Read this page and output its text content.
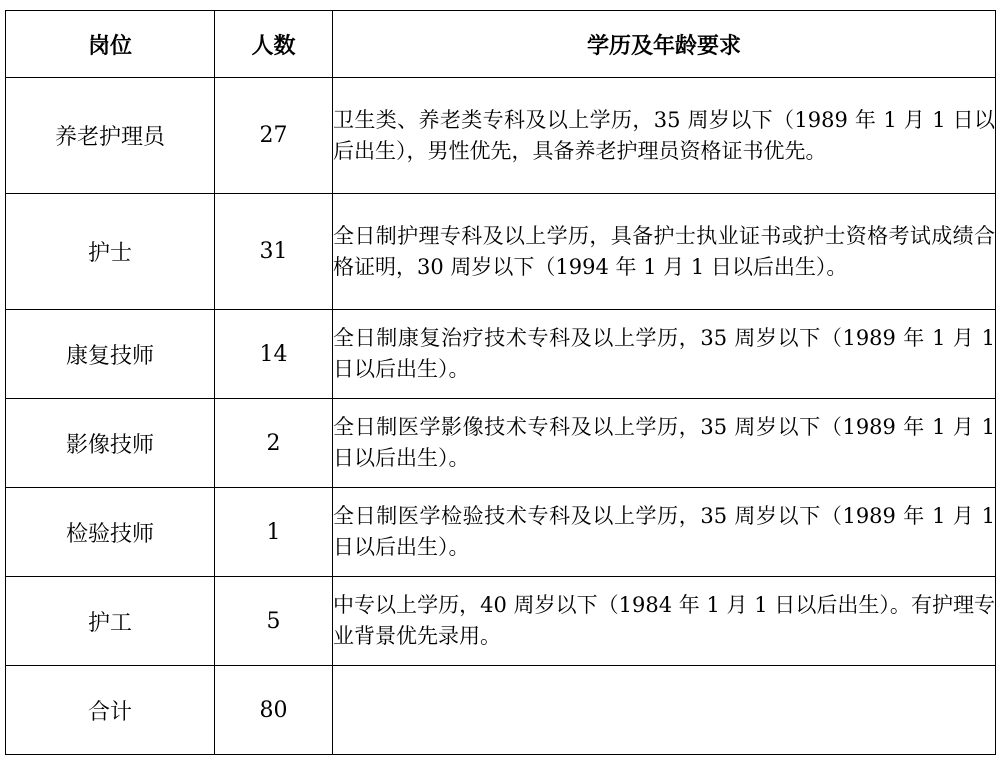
岗位	人数	学历及年龄要求
养老护理员	27	卫生类、养老类专科及以上学历，35 周岁以下（1989 年 1 月 1 日以后出生），男性优先，具备养老护理员资格证书优先。
护士	31	全日制护理专科及以上学历，具备护士执业证书或护士资格考试成绩合格证明，30 周岁以下（1994 年 1 月 1 日以后出生）。
康复技师	14	全日制康复治疗技术专科及以上学历，35 周岁以下（1989 年 1 月 1 日以后出生）。
影像技师	2	全日制医学影像技术专科及以上学历，35 周岁以下（1989 年 1 月 1 日以后出生）。
检验技师	1	全日制医学检验技术专科及以上学历，35 周岁以下（1989 年 1 月 1 日以后出生）。
护工	5	中专以上学历，40 周岁以下（1984 年 1 月 1 日以后出生）。有护理专业背景优先录用。
合计	80	
